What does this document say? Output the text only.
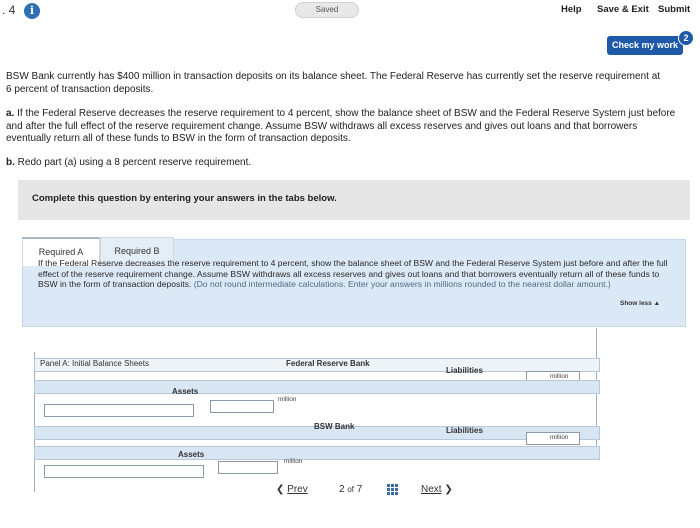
. 4	i	Saved	Help Save & Exit Submit
Check my work
2
BSW Bank currently has $400 million in transaction deposits on its balance sheet. The Federal Reserve has currently set the reserve requirement at 6 percent of transaction deposits.
a. If the Federal Reserve decreases the reserve requirement to 4 percent, show the balance sheet of BSW and the Federal Reserve System just before and after the full effect of the reserve requirement change. Assume BSW withdraws all excess reserves and gives out loans and that borrowers eventually return all of these funds to BSW in the form of transaction deposits.
b. Redo part (a) using a 8 percent reserve requirement.
Complete this question by entering your answers in the tabs below.
Required A	Required B
If the Federal Reserve decreases the reserve requirement to 4 percent, show the balance sheet of BSW and the Federal Reserve System just before and after the full effect of the reserve requirement change. Assume BSW withdraws all excess reserves and gives out loans and that borrowers eventually return all of these funds to BSW in the form of transaction deposits. (Do not round intermediate calculations. Enter your answers in millions rounded to the nearest dollar amount.)
Show less ▲
Panel A: Initial Balance Sheets	Federal Reserve Bank
Liabilities
million
Assets
million
BSW Bank	Liabilities
million
Assets
million
❮ Prev	2 of 7	Next ❯
